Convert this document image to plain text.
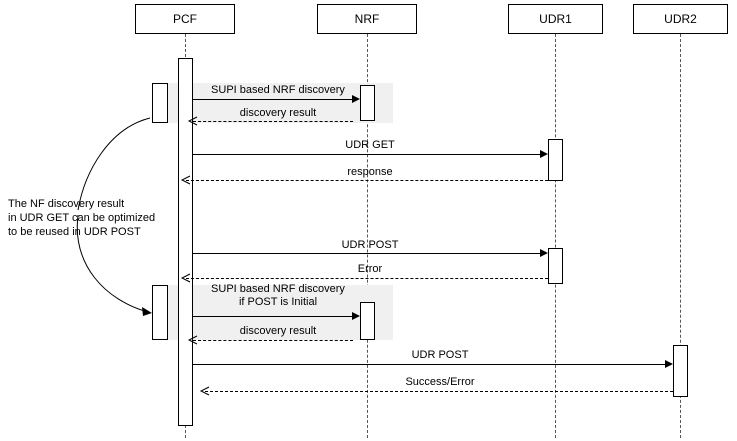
PCF	NRF	UDR1	UDR2
SUPI based NRF discovery
discovery result
UDR GET
response
UDR POST
Error
SUPI based NRF discovery
if POST is Initial
discovery result
UDR POST
Success/Error
The NF discovery result
in UDR GET can be optimized
to be reused in UDR POST
